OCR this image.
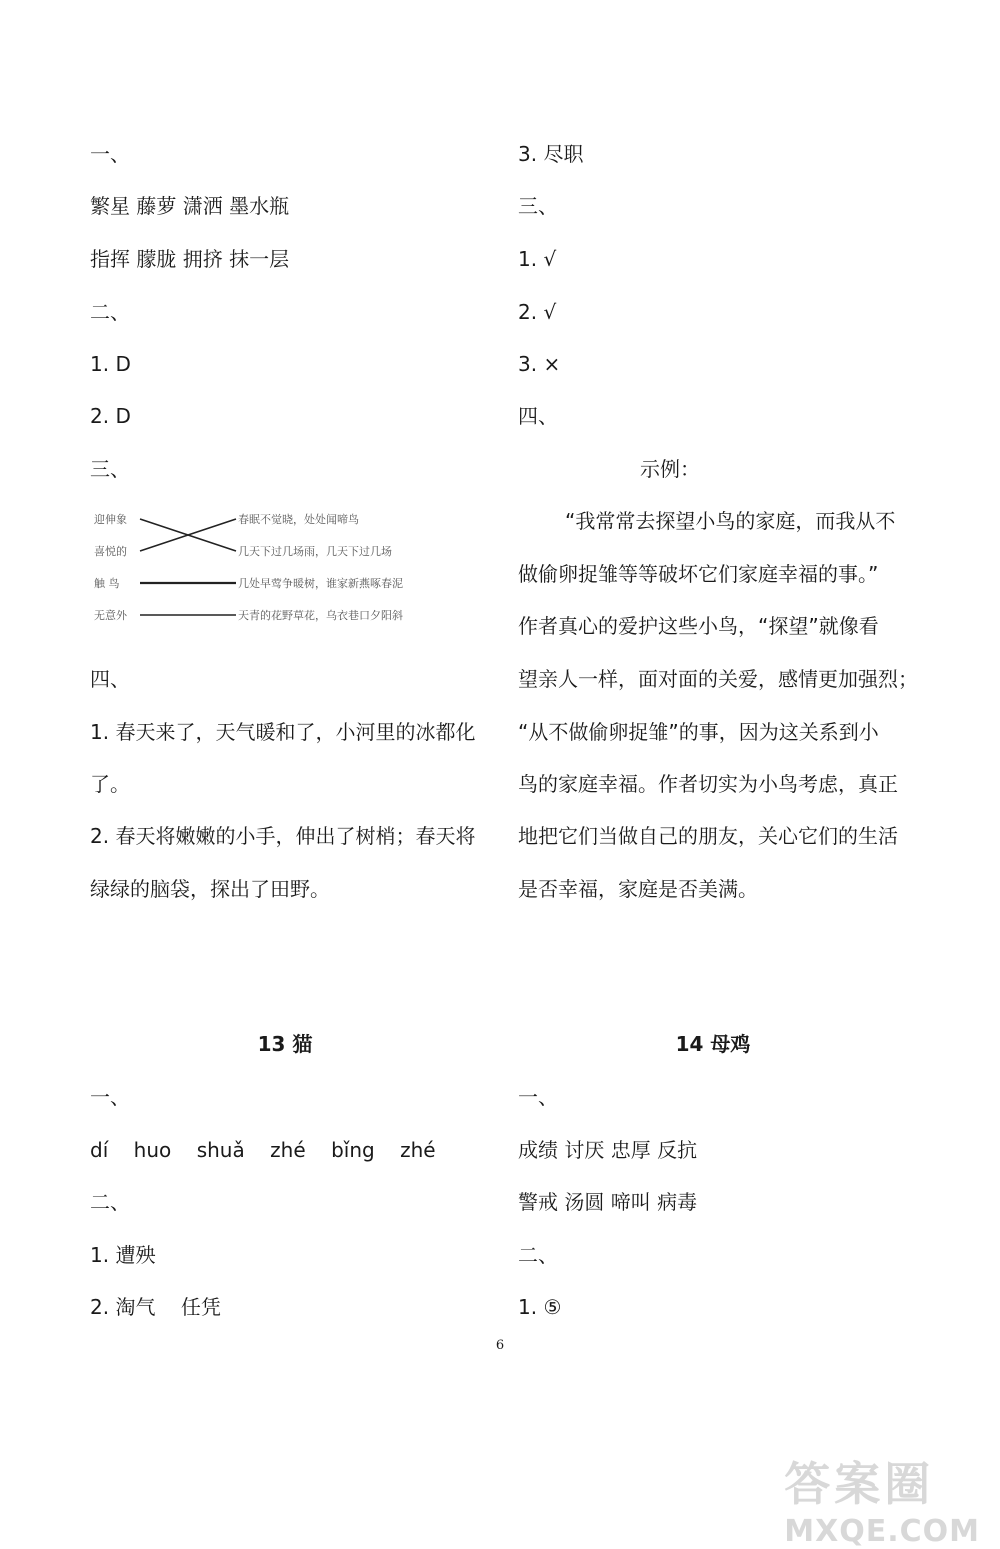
一、
繁星 藤萝 潇洒 墨水瓶
指挥 朦胧 拥挤 抹一层
二、
1. D
2. D
三、
迎伸象
喜悦的
触 鸟
无意外
春眠不觉晓，处处闻啼鸟
几天下过几场雨，几天下过几场
几处早莺争暖树，谁家新燕啄春泥
天青的花野草花，乌衣巷口夕阳斜
四、
1. 春天来了，天气暖和了，小河里的冰都化
了。
2. 春天将嫩嫩的小手，伸出了树梢；春天将
绿绿的脑袋，探出了田野。
3. 尽职
三、
1. √
2. √
3. ×
四、
示例：
“我常常去探望小鸟的家庭，而我从不
做偷卵捉雏等等破坏它们家庭幸福的事。”
作者真心的爱护这些小鸟，“探望”就像看
望亲人一样，面对面的关爱，感情更加强烈；
“从不做偷卵捉雏”的事，因为这关系到小
鸟的家庭幸福。作者切实为小鸟考虑，真正
地把它们当做自己的朋友，关心它们的生活
是否幸福，家庭是否美满。
13 猫
一、
dí    huo    shuǎ    zhé    bǐng    zhé
二、
1. 遭殃
2. 淘气    任凭
14 母鸡
一、
成绩 讨厌 忠厚 反抗
警戒 汤圆 啼叫 病毒
二、
1. ⑤
6
答案圈
MXQE.COM
